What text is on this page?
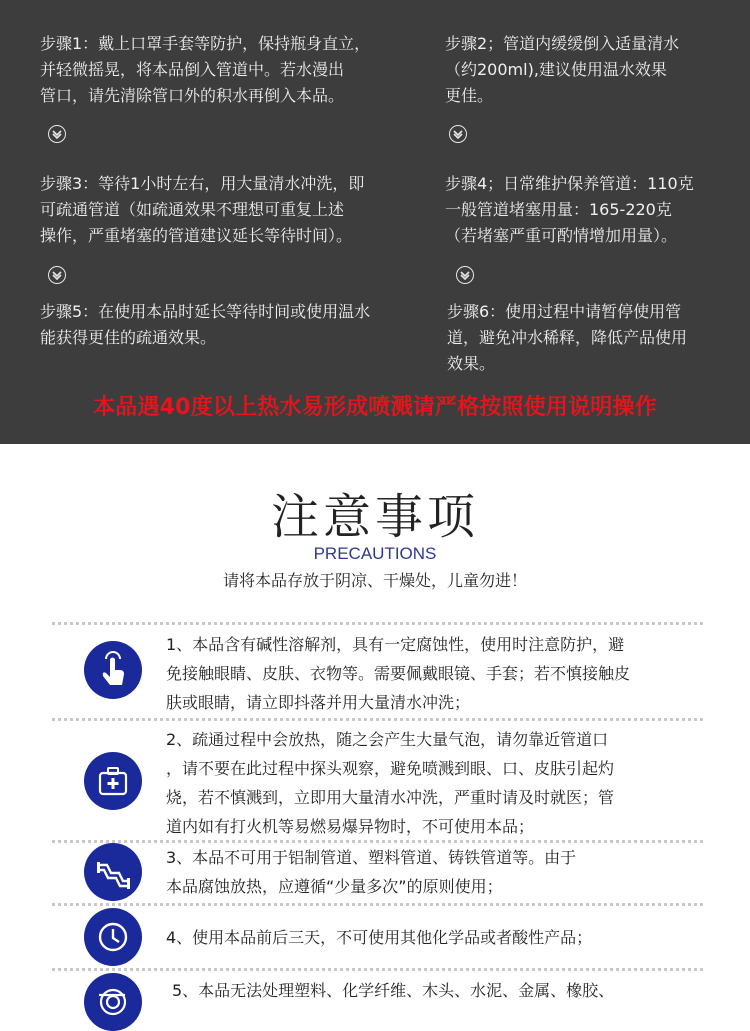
步骤1：戴上口罩手套等防护，保持瓶身直立，
并轻微摇晃，将本品倒入管道中。若水漫出
管口，请先清除管口外的积水再倒入本品。
步骤2；管道内缓缓倒入适量清水
（约200ml),建议使用温水效果
更佳。
步骤3：等待1小时左右，用大量清水冲洗，即
可疏通管道（如疏通效果不理想可重复上述
操作，严重堵塞的管道建议延长等待时间）。
步骤4；日常维护保养管道：110克
一般管道堵塞用量：165-220克
（若堵塞严重可酌情增加用量）。
步骤5：在使用本品时延长等待时间或使用温水
能获得更佳的疏通效果。
步骤6：使用过程中请暂停使用管
道，避免冲水稀释，降低产品使用
效果。
本品遇40度以上热水易形成喷溅请严格按照使用说明操作
注意事项
PRECAUTIONS
请将本品存放于阴凉、干燥处，儿童勿进！
1、本品含有碱性溶解剂，具有一定腐蚀性，使用时注意防护，避
免接触眼睛、皮肤、衣物等。需要佩戴眼镜、手套；若不慎接触皮
肤或眼睛，请立即抖落并用大量清水冲洗；
2、疏通过程中会放热，随之会产生大量气泡，请勿靠近管道口
，请不要在此过程中探头观察，避免喷溅到眼、口、皮肤引起灼
烧，若不慎溅到，立即用大量清水冲洗，严重时请及时就医；管
道内如有打火机等易燃易爆异物时，不可使用本品；
3、本品不可用于铝制管道、塑料管道、铸铁管道等。由于
本品腐蚀放热，应遵循“少量多次”的原则使用；
4、使用本品前后三天，不可使用其他化学品或者酸性产品；
5、本品无法处理塑料、化学纤维、木头、水泥、金属、橡胶、
